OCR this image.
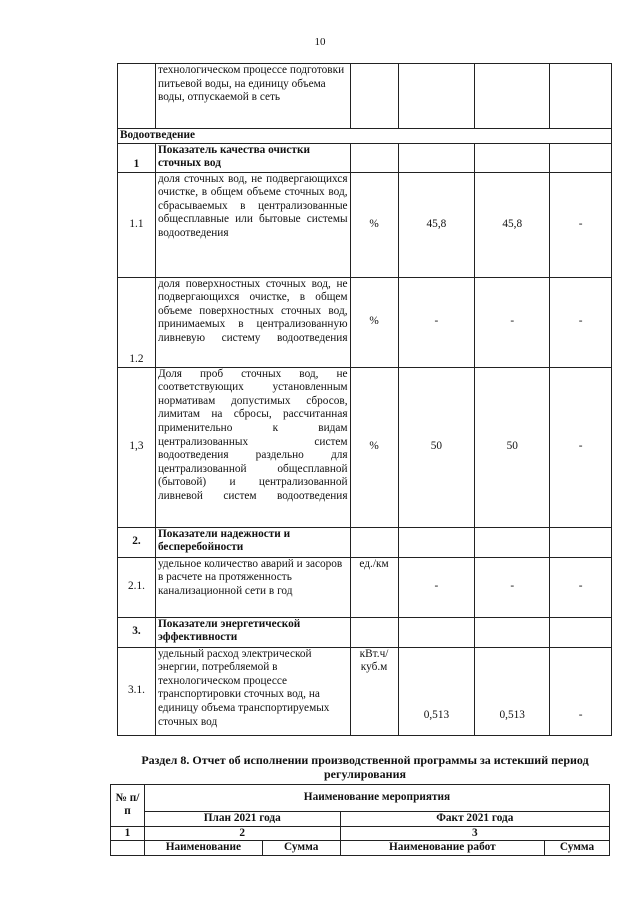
10
	технологическом процессе подготовки питьевой воды, на единицу объема воды, отпускаемой в сеть				
Водоотведение					
1	Показатель качества очистки сточных вод				
1.1	доля сточных вод, не подвергающихся очистке, в общем объеме сточных вод, сбрасываемых в централизованные общесплавные или бытовые системы водоотведения	%	45,8	45,8	-
1.2	доля поверхностных сточных вод, не подвергающихся очистке, в общем объеме поверхностных сточных вод, принимаемых в централизованную ливневую систему водоотведения	%	-	-	-
1,3	Доля проб сточных вод, не соответствующих установленным нормативам допустимых сбросов, лимитам на сбросы, рассчитанная применительно к видам централизованных систем водоотведения раздельно для централизованной общесплавной (бытовой) и централизованной ливневой систем водоотведения	%	50	50	-
2.	Показатели надежности и бесперебойности				
2.1.	удельное количество аварий и засоров в расчете на протяженность канализационной сети в год	ед./км	-	-	-
3.	Показатели энергетической эффективности				
3.1.	удельный расход электрической энергии, потребляемой в технологическом процессе транспортировки сточных вод, на единицу объема транспортируемых сточных вод	кВт.ч/ куб.м	0,513	0,513	-
Раздел 8. Отчет об исполнении производственной программы за истекший период регулирования
№ п/п	Наименование мероприятия			
	План 2021 года		Факт 2021 года	
1	2		3	
	Наименование	Сумма	Наименование работ	Сумма
